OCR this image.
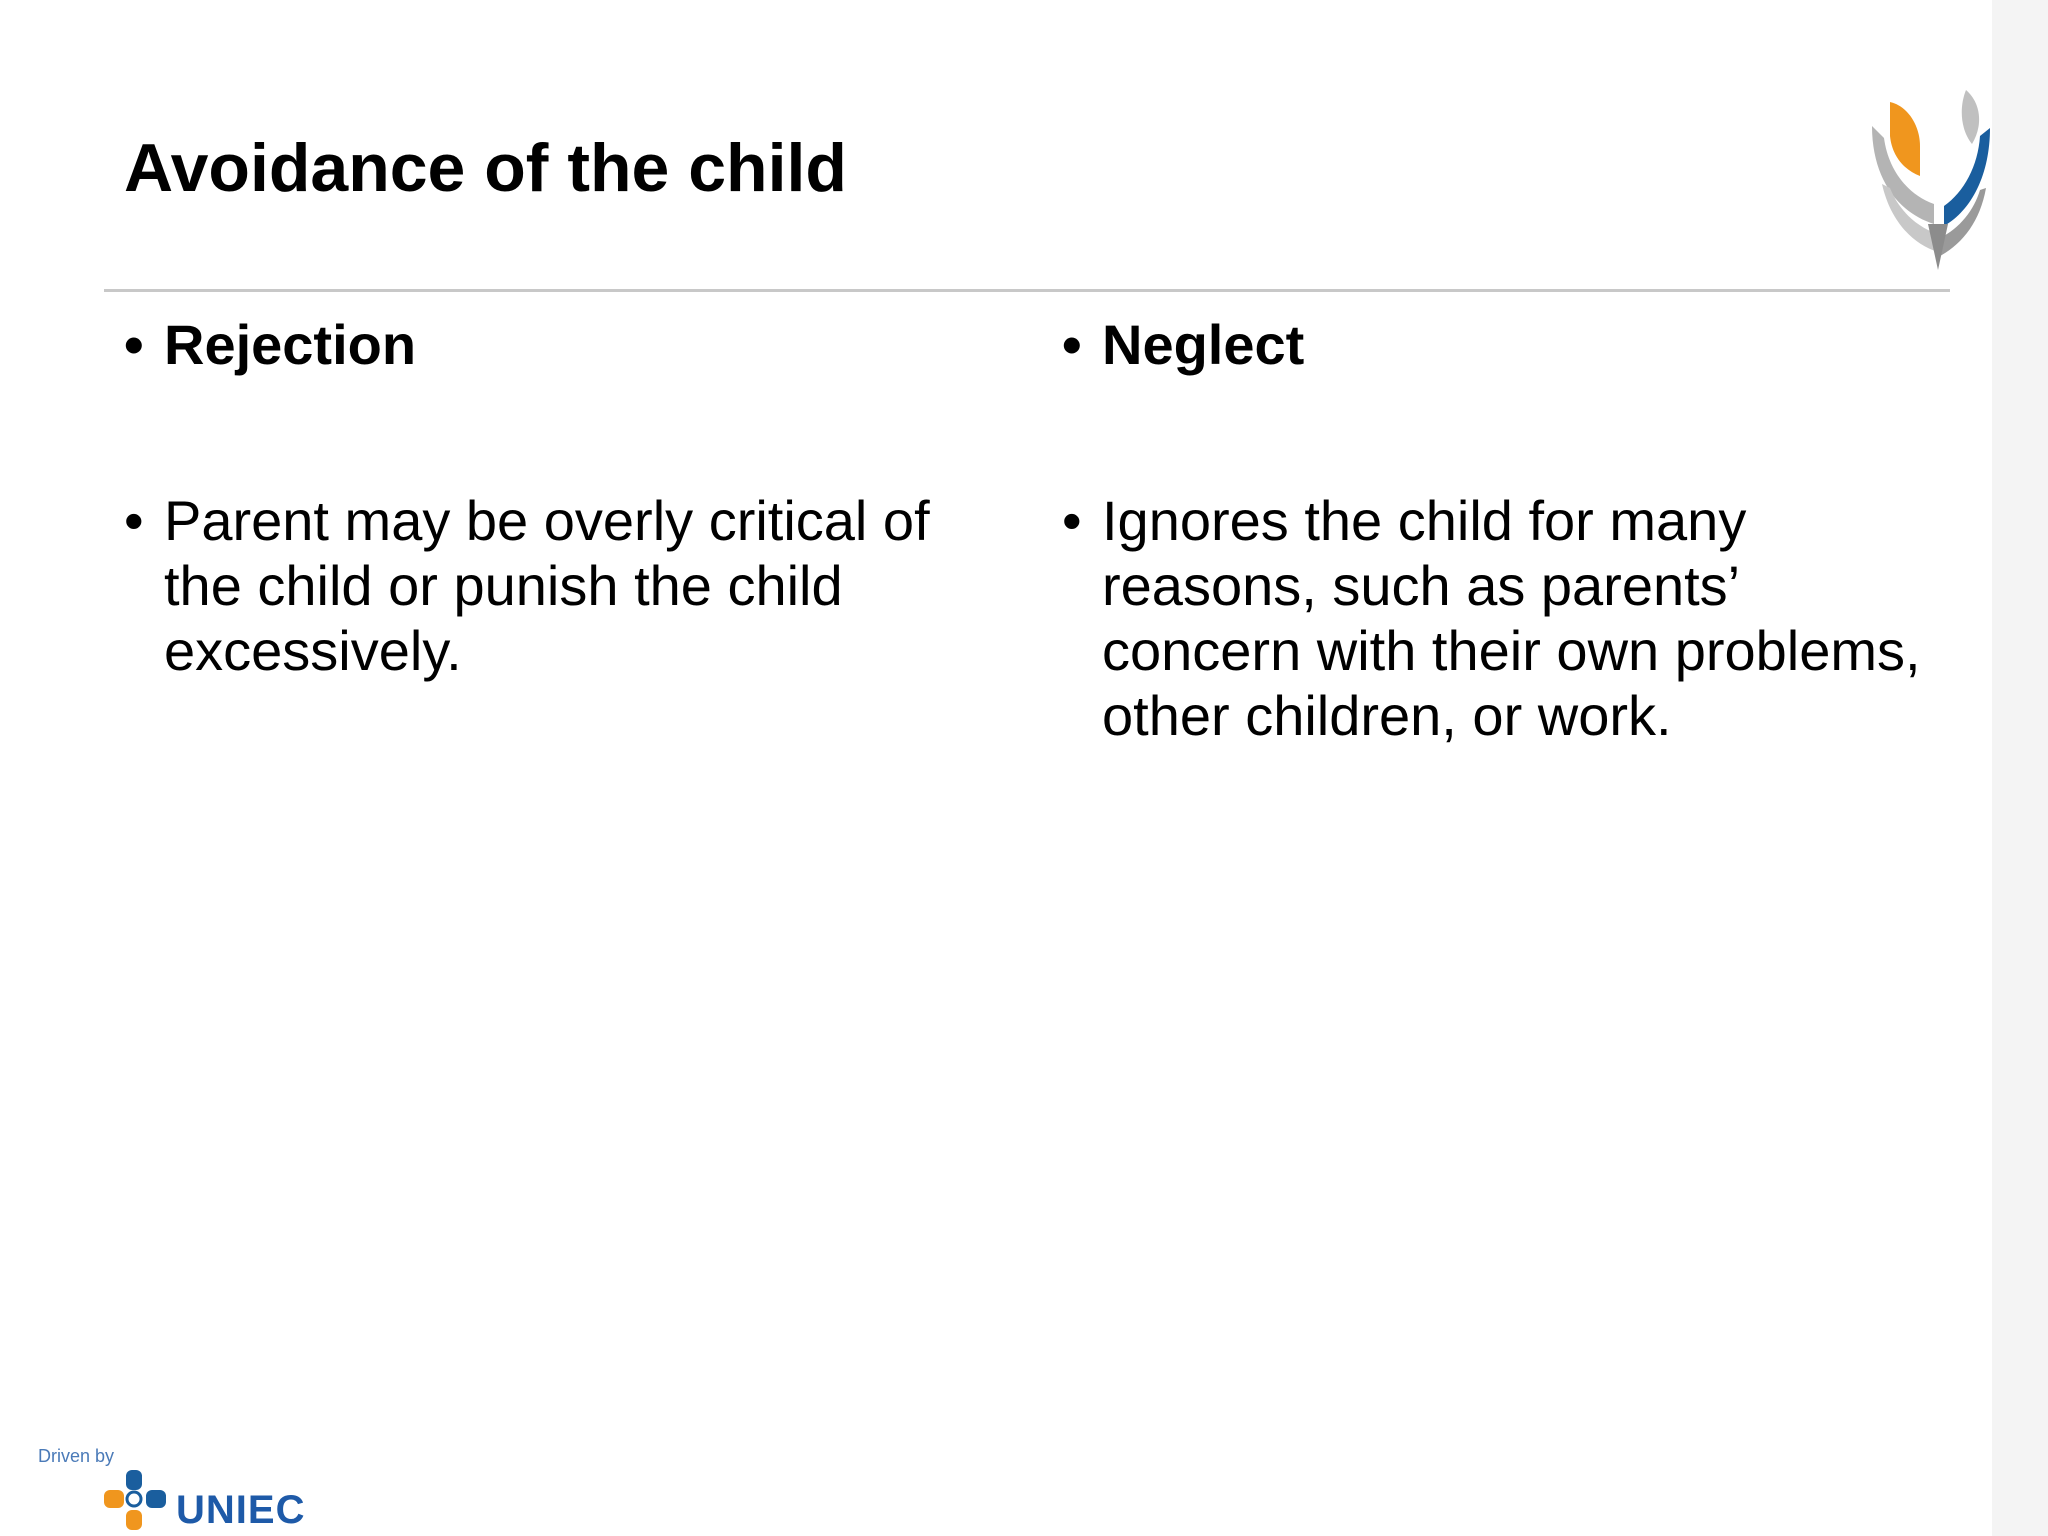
Avoidance of the child
• Rejection
• Parent may be overly critical of the child or punish the child excessively.
• Neglect
• Ignores the child for many reasons, such as parents’ concern with their own problems, other children, or work.
Driven by
UNIEC
